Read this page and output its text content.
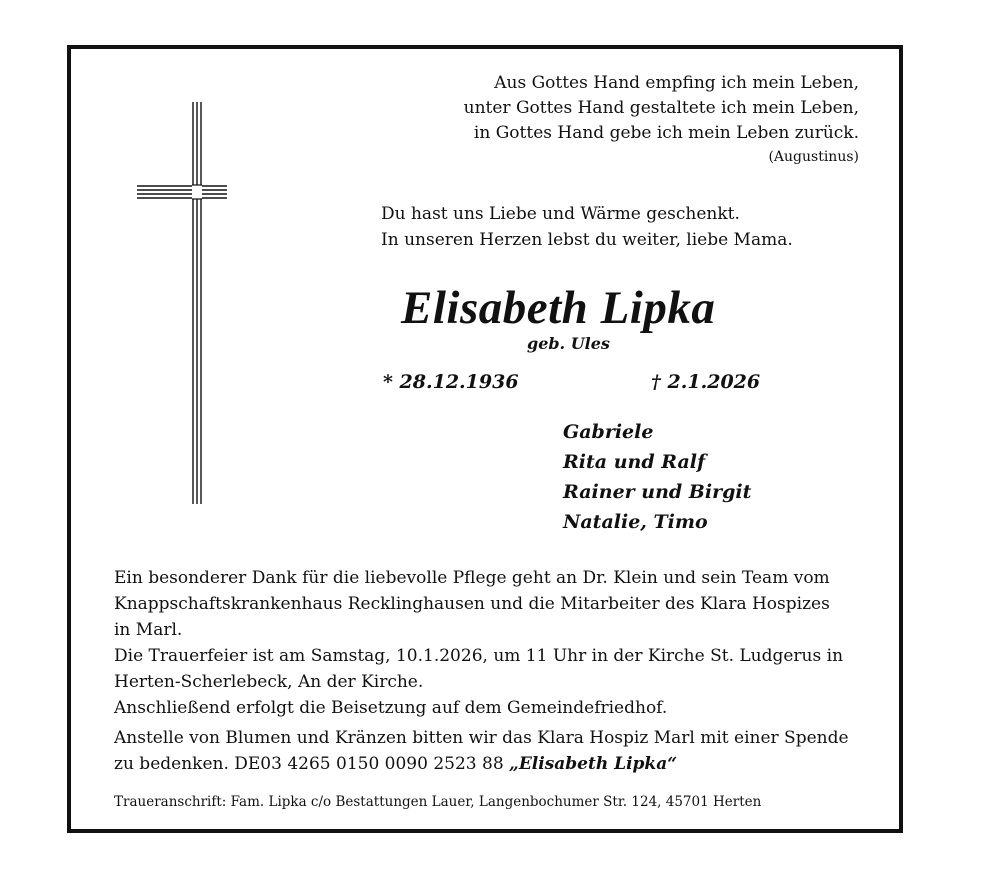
Aus Gottes Hand empfing ich mein Leben,
unter Gottes Hand gestaltete ich mein Leben,
in Gottes Hand gebe ich mein Leben zurück.
(Augustinus)
Du hast uns Liebe und Wärme geschenkt.
In unseren Herzen lebst du weiter, liebe Mama.
Elisabeth Lipka
geb. Ules
* 28.12.1936	† 2.1.2026
Gabriele
Rita und Ralf
Rainer und Birgit
Natalie, Timo

Ein besonderer Dank für die liebevolle Pflege geht an Dr. Klein und sein Team vom

Knappschaftskrankenhaus Recklinghausen und die Mitarbeiter des Klara Hospizes

in Marl.

Die Trauerfeier ist am Samstag, 10.1.2026, um 11 Uhr in der Kirche St. Ludgerus in

Herten-Scherlebeck, An der Kirche.

Anschließend erfolgt die Beisetzung auf dem Gemeindefriedhof.

Anstelle von Blumen und Kränzen bitten wir das Klara Hospiz Marl mit einer Spende

zu bedenken. DE03 4265 0150 0090 2523 88 „Elisabeth Lipka“

Traueranschrift: Fam. Lipka c/o Bestattungen Lauer, Langenbochumer Str. 124, 45701 Herten
